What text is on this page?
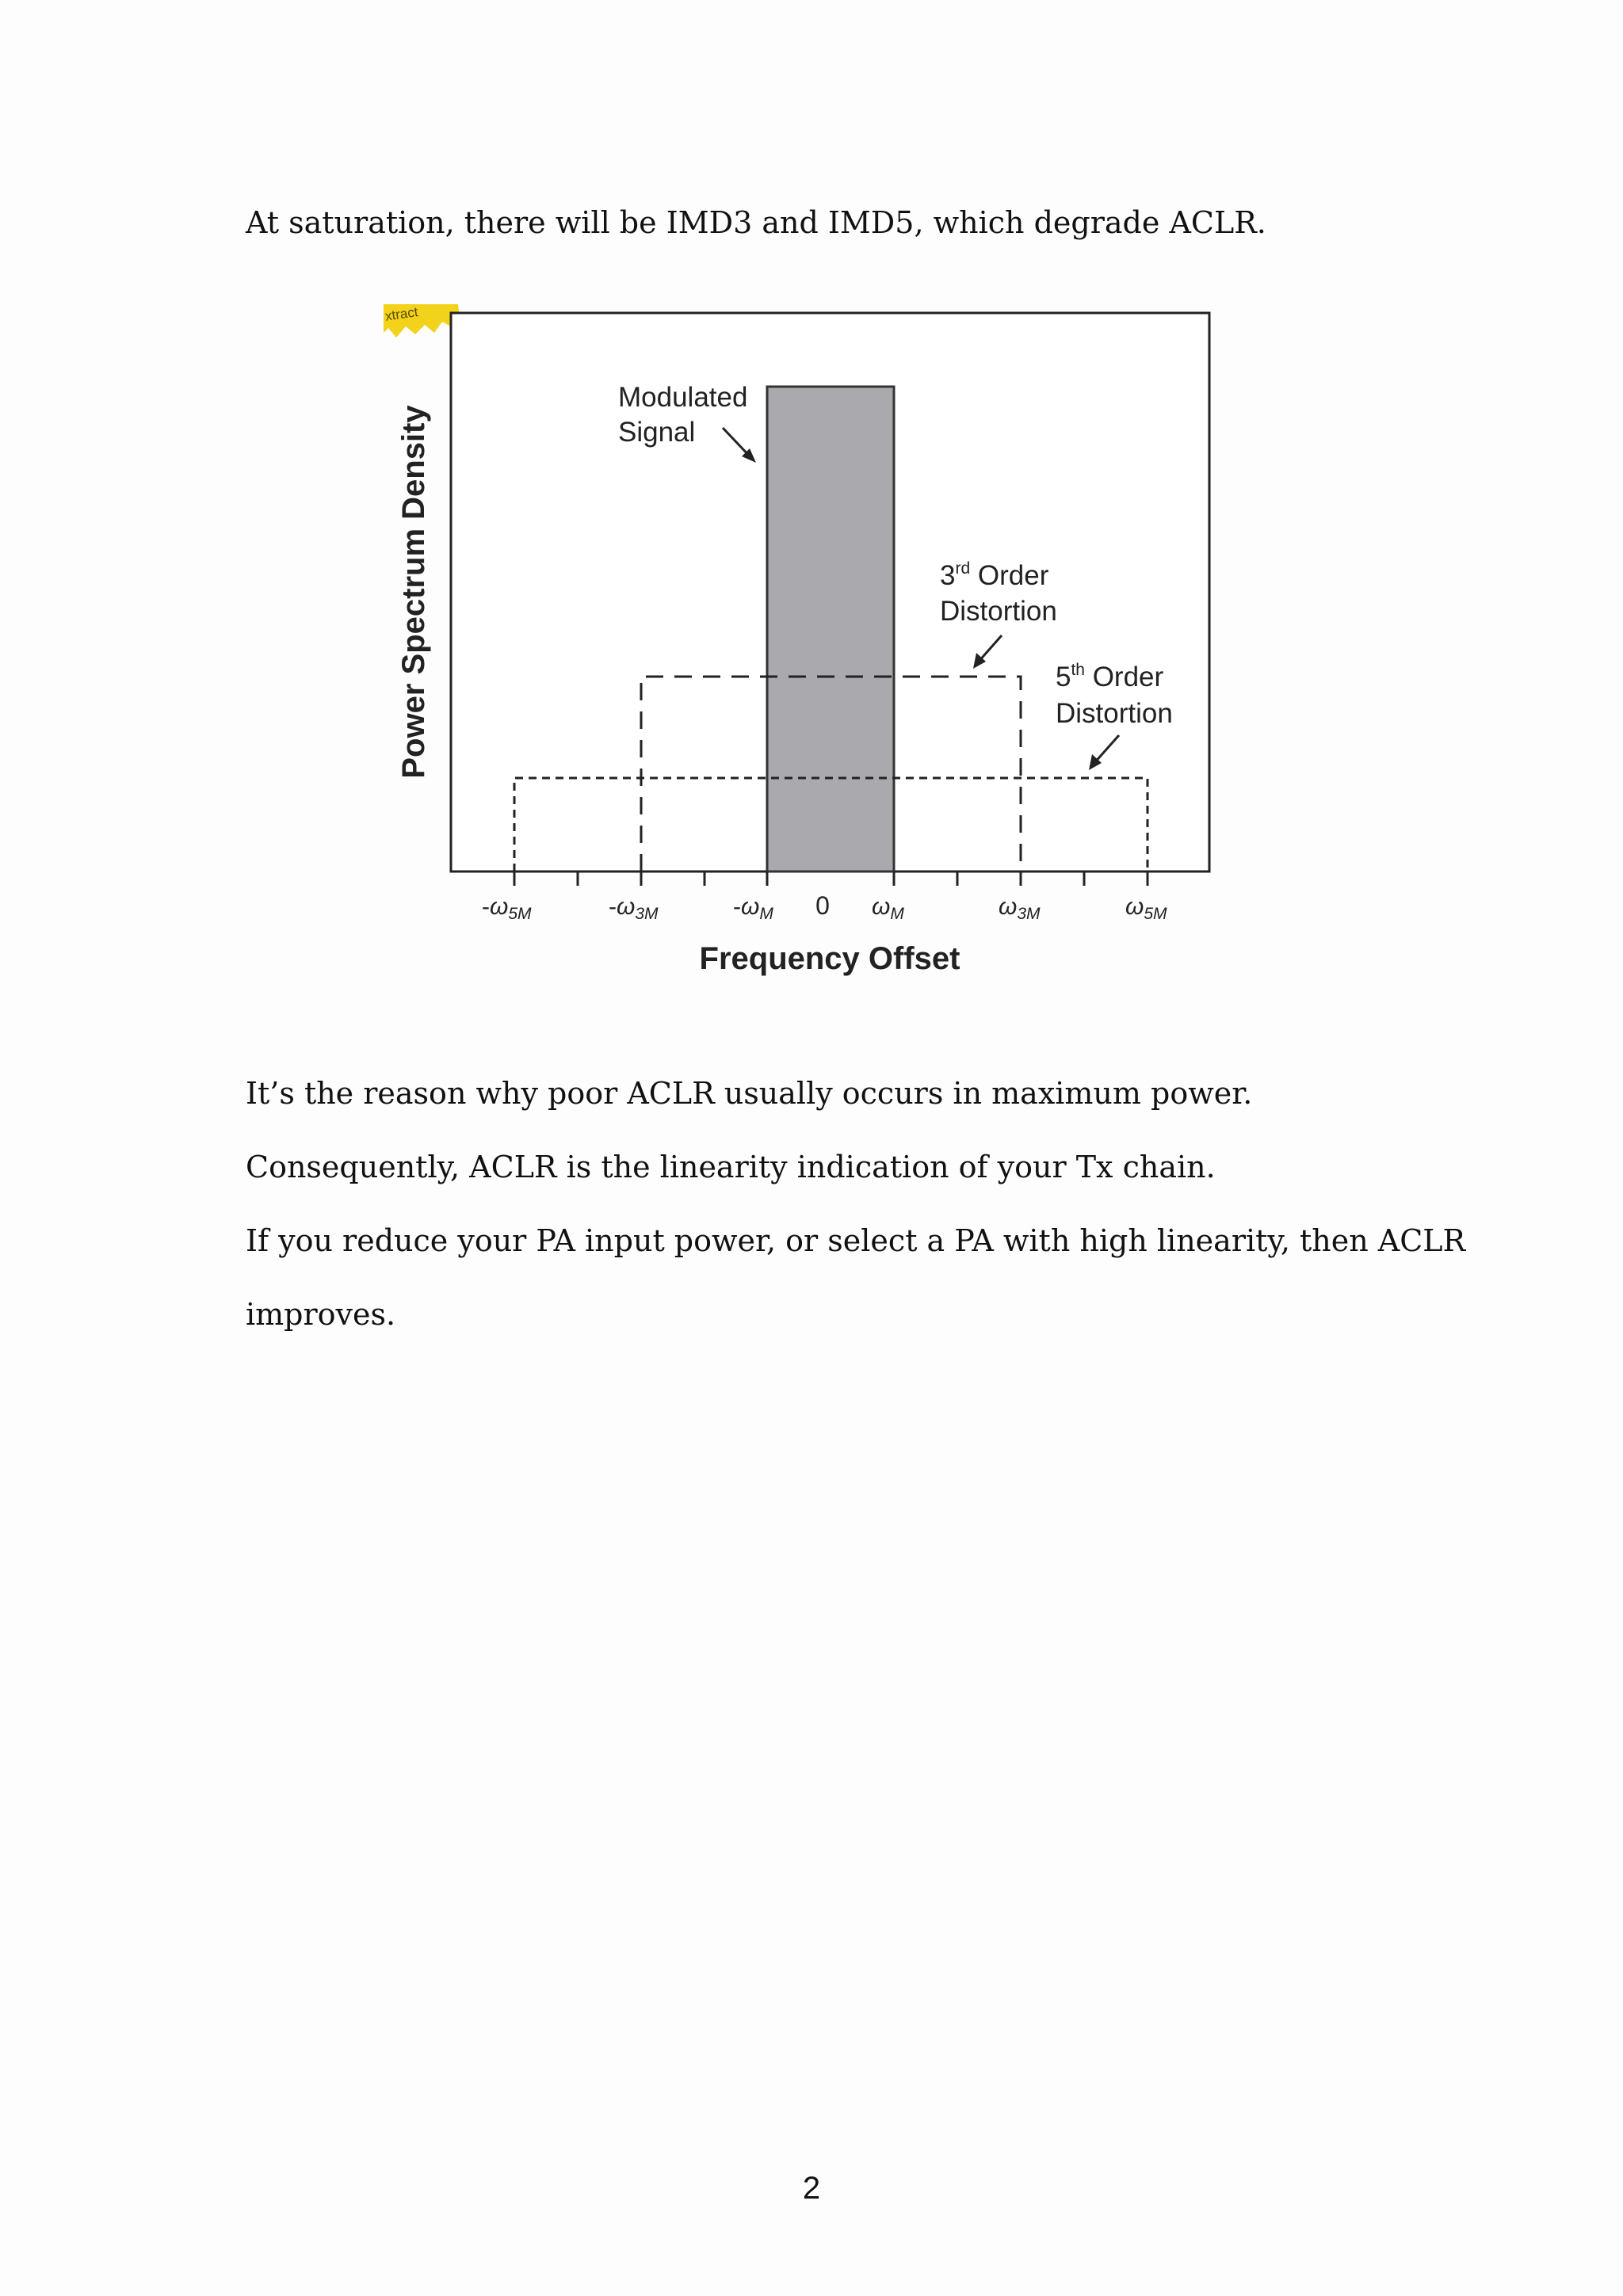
At saturation, there will be IMD3 and IMD5, which degrade ACLR.
xtract
$-\omega_{5M}$	$-\omega_{3M}$	$-\omega_M$ 0 $\omega_M$	$\omega_{3M}$	$\omega_{5M}$
Frequency Offset
Power Spectrum Density
Modulated
Signal
3rd Order
Distortion
5th Order
Distortion
It’s the reason why poor ACLR usually occurs in maximum power.
Consequently, ACLR is the linearity indication of your Tx chain.
If you reduce your PA input power, or select a PA with high linearity, then ACLR
improves.
2
